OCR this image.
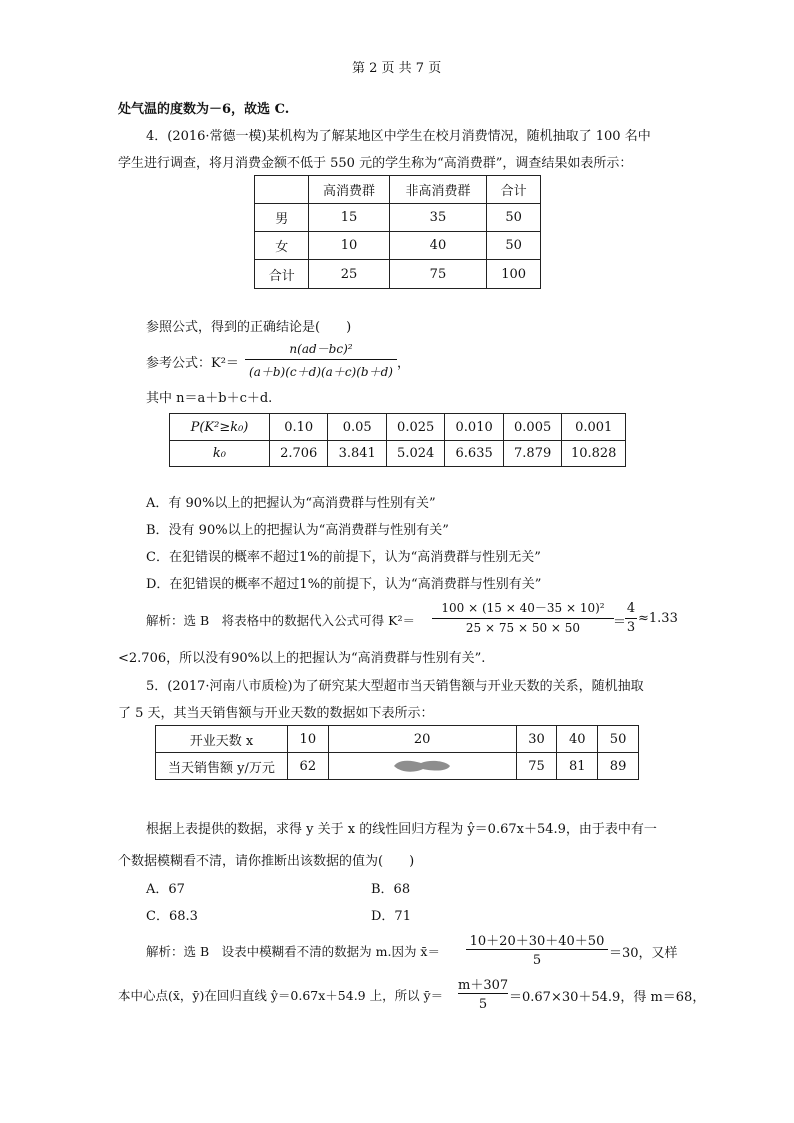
第 2 页 共 7 页
处气温的度数为－6，故选 C.
4．(2016·常德一模)某机构为了解某地区中学生在校月消费情况，随机抽取了 100 名中
学生进行调查，将月消费金额不低于 550 元的学生称为“高消费群”，调查结果如表所示：
	高消费群	非高消费群	合计
男	15	35	50
女	10	40	50
合计	25	75	100
参照公式，得到的正确结论是(　　)
参考公式：K²＝
n(ad－bc)²
(a＋b)(c＋d)(a＋c)(b＋d)
，
其中 n＝a＋b＋c＋d.
P(K²≥k₀)	0.10	0.05	0.025	0.010	0.005	0.001
k₀	2.706	3.841	5.024	6.635	7.879	10.828
A．有 90%以上的把握认为“高消费群与性别有关”
B．没有 90%以上的把握认为“高消费群与性别有关”
C．在犯错误的概率不超过1%的前提下，认为“高消费群与性别无关”
D．在犯错误的概率不超过1%的前提下，认为“高消费群与性别有关”
解析：选 B　将表格中的数据代入公式可得 K²＝
100 × (15 × 40－35 × 10)²
25 × 75 × 50 × 50	＝
4
3
≈1.33
<2.706，所以没有90%以上的把握认为“高消费群与性别有关”.
5．(2017·河南八市质检)为了研究某大型超市当天销售额与开业天数的关系，随机抽取
了 5 天，其当天销售额与开业天数的数据如下表所示：
开业天数 x	10	20	30	40	50
当天销售额 y/万元	62		75	81	89
根据上表提供的数据，求得 y 关于 x 的线性回归方程为 ŷ＝0.67x＋54.9，由于表中有一
个数据模糊看不清，请你推断出该数据的值为(　　)
A．67	B．68
C．68.3	D．71
解析：选 B　设表中模糊看不清的数据为 m.因为 x̄＝
10＋20＋30＋40＋50
5	＝30，又样
本中心点(x̄，ȳ)在回归直线 ŷ＝0.67x＋54.9 上，所以 ȳ＝
m＋307
5	＝0.67×30＋54.9，得 m＝68，
